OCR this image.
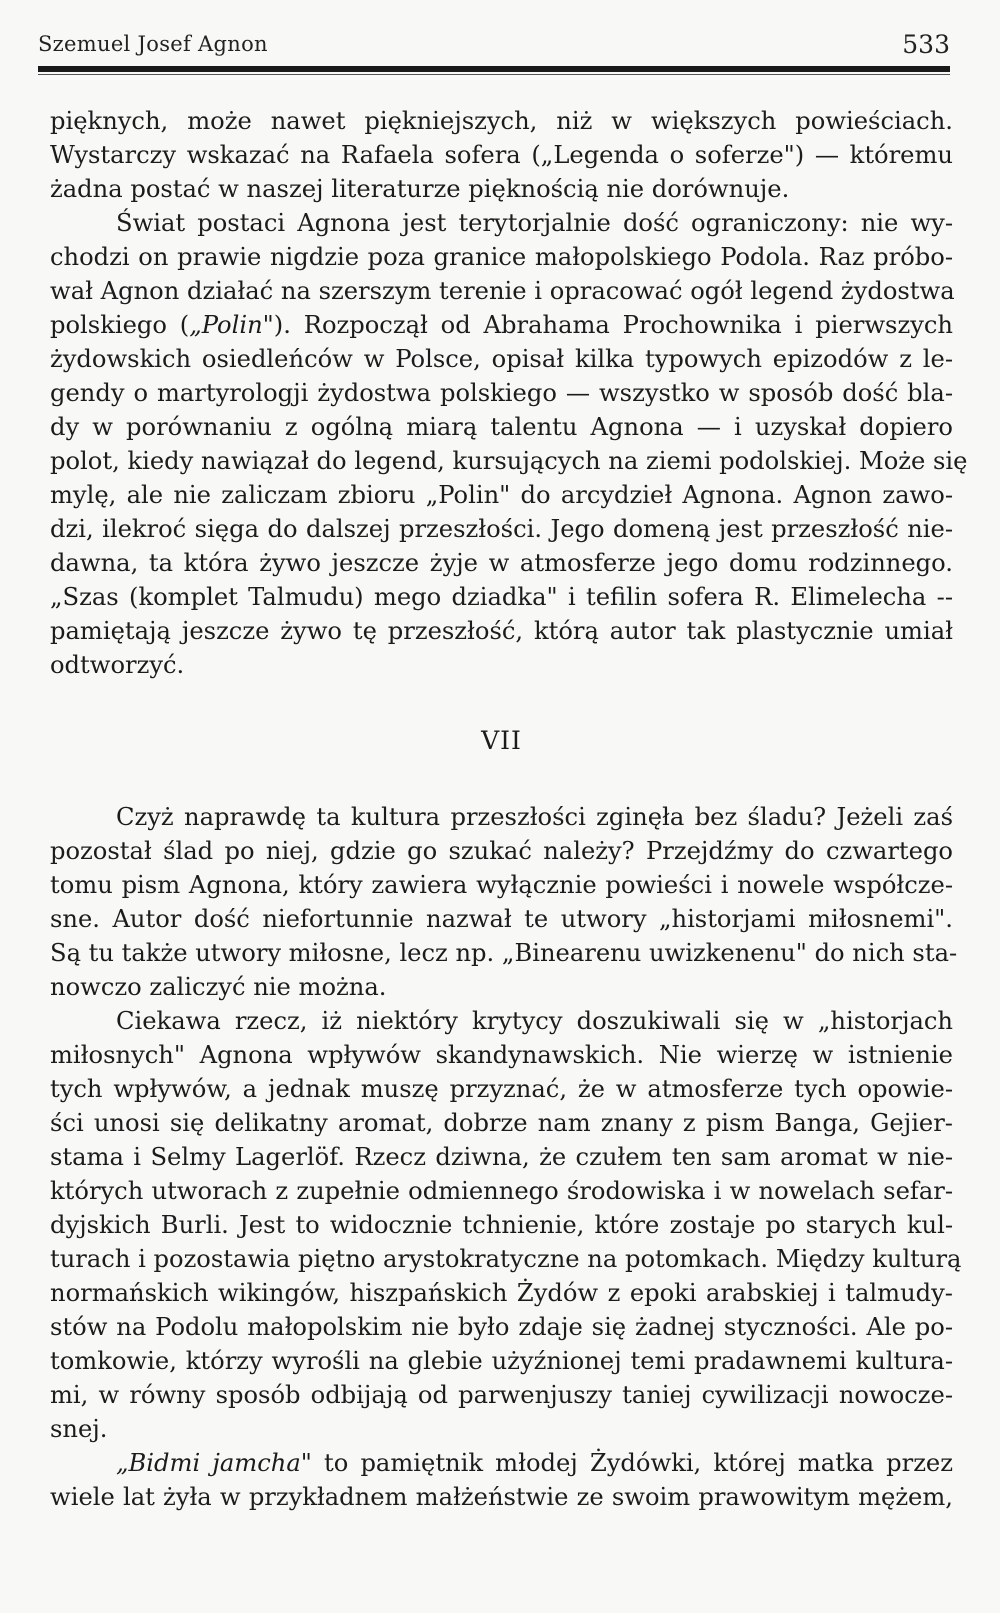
Szemuel Josef Agnon	533
pięknych, może nawet piękniejszych, niż w większych powieściach.
Wystarczy wskazać na Rafaela sofera („Legenda o soferze") — któremu
żadna postać w naszej literaturze pięknością nie dorównuje.
Świat postaci Agnona jest terytorjalnie dość ograniczony: nie wy-
chodzi on prawie nigdzie poza granice małopolskiego Podola. Raz próbo-
wał Agnon działać na szerszym terenie i opracować ogół legend żydostwa
polskiego („Polin"). Rozpoczął od Abrahama Prochownika i pierwszych
żydowskich osiedleńców w Polsce, opisał kilka typowych epizodów z le-
gendy o martyrologji żydostwa polskiego — wszystko w sposób dość bla-
dy w porównaniu z ogólną miarą talentu Agnona — i uzyskał dopiero
polot, kiedy nawiązał do legend, kursujących na ziemi podolskiej. Może się
mylę, ale nie zaliczam zbioru „Polin" do arcydzieł Agnona. Agnon zawo-
dzi, ilekroć sięga do dalszej przeszłości. Jego domeną jest przeszłość nie-
dawna, ta która żywo jeszcze żyje w atmosferze jego domu rodzinnego.
„Szas (komplet Talmudu) mego dziadka" i tefilin sofera R. Elimelecha --
pamiętają jeszcze żywo tę przeszłość, którą autor tak plastycznie umiał
odtworzyć.
VII
Czyż naprawdę ta kultura przeszłości zginęła bez śladu? Jeżeli zaś
pozostał ślad po niej, gdzie go szukać należy? Przejdźmy do czwartego
tomu pism Agnona, który zawiera wyłącznie powieści i nowele współcze-
sne. Autor dość niefortunnie nazwał te utwory „historjami miłosnemi".
Są tu także utwory miłosne, lecz np. „Binearenu uwizkenenu" do nich sta-
nowczo zaliczyć nie można.
Ciekawa rzecz, iż niektóry krytycy doszukiwali się w „historjach
miłosnych" Agnona wpływów skandynawskich. Nie wierzę w istnienie
tych wpływów, a jednak muszę przyznać, że w atmosferze tych opowie-
ści unosi się delikatny aromat, dobrze nam znany z pism Banga, Gejier-
stama i Selmy Lagerlöf. Rzecz dziwna, że czułem ten sam aromat w nie-
których utworach z zupełnie odmiennego środowiska i w nowelach sefar-
dyjskich Burli. Jest to widocznie tchnienie, które zostaje po starych kul-
turach i pozostawia piętno arystokratyczne na potomkach. Między kulturą
normańskich wikingów, hiszpańskich Żydów z epoki arabskiej i talmudy-
stów na Podolu małopolskim nie było zdaje się żadnej styczności. Ale po-
tomkowie, którzy wyrośli na glebie użyźnionej temi pradawnemi kultura-
mi, w równy sposób odbijają od parwenjuszy taniej cywilizacji nowocze-
snej.
„Bidmi jamcha" to pamiętnik młodej Żydówki, której matka przez
wiele lat żyła w przykładnem małżeństwie ze swoim prawowitym mężem,
